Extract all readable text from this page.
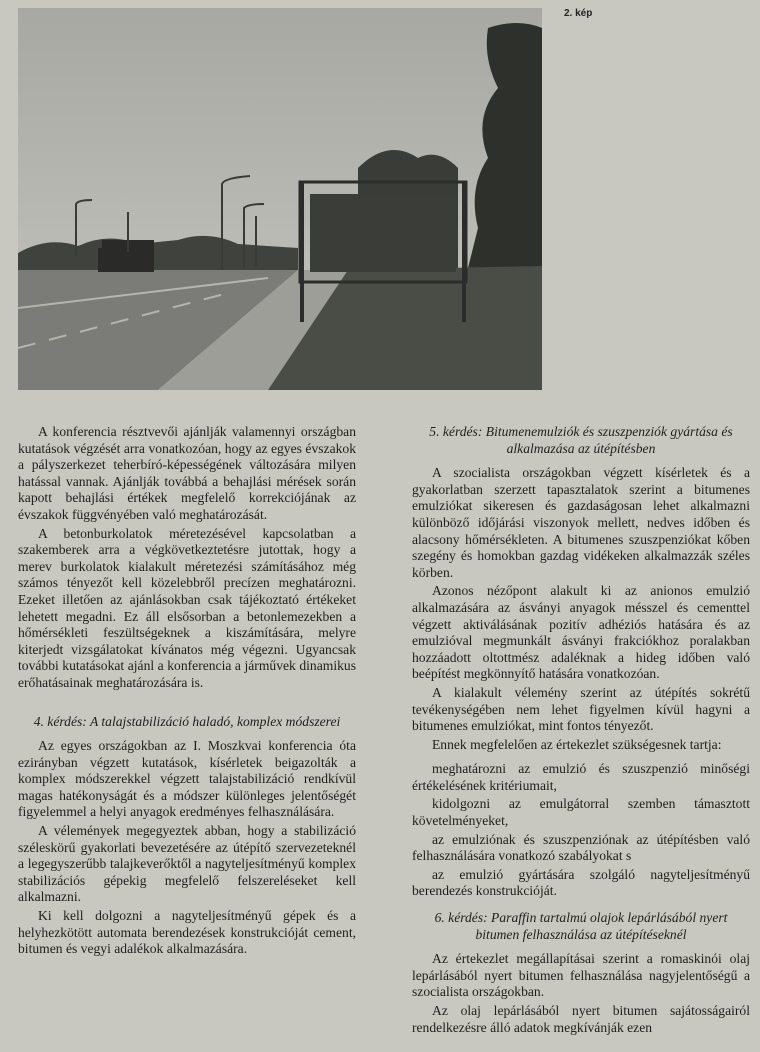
2. kép

A konferencia résztvevői ajánlják valamennyi országban kutatások végzését arra vonatkozóan, hogy az egyes évszakok a pályszerkezet teherbíró-képességének változására milyen hatással vannak. Ajánlják továbbá a behajlási mérések során kapott behajlási értékek megfelelő korrekciójának az évszakok függvényében való meghatározását.

A betonburkolatok méretezésével kapcsolatban a szakemberek arra a végkövetkeztetésre jutottak, hogy a merev burkolatok kialakult méretezési számításához még számos tényezőt kell közelebbről precízen meghatározni. Ezeket illetően az ajánlásokban csak tájékoztató értékeket lehetett megadni. Ez áll elsősorban a betonlemezekben a hőmérsékleti feszültségeknek a kiszámítására, melyre kiterjedt vizsgálatokat kívánatos még végezni. Ugyancsak további kutatásokat ajánl a konferencia a járművek dinamikus erőhatásainak meghatározására is.

4. kérdés: A talajstabilizáció haladó, komplex módszerei

Az egyes országokban az I. Moszkvai konferencia óta ezirányban végzett kutatások, kísérletek beigazolták a komplex módszerekkel végzett talajstabilizáció rendkívül magas hatékonyságát és a módszer különleges jelentőségét figyelemmel a helyi anyagok eredményes felhasználására.

A vélemények megegyeztek abban, hogy a stabilizáció széleskörű gyakorlati bevezetésére az útépítő szervezeteknél a legegyszerűbb talajkeverőktől a nagyteljesítményű komplex stabilizációs gépekig megfelelő felszereléseket kell alkalmazni.

Ki kell dolgozni a nagyteljesítményű gépek és a helyhezkötött automata berendezések konstrukcióját cement, bitumen és vegyi adalékok alkalmazására.

5. kérdés: Bitumenemulziók és szuszpenziók gyártása és alkalmazása az útépítésben

A szocialista országokban végzett kísérletek és a gyakorlatban szerzett tapasztalatok szerint a bitumenes emulziókat sikeresen és gazdaságosan lehet alkalmazni különböző időjárási viszonyok mellett, nedves időben és alacsony hőmérsékleten. A bitumenes szuszpenziókat kőben szegény és homokban gazdag vidékeken alkalmazzák széles körben.

Azonos nézőpont alakult ki az anionos emulzió alkalmazására az ásványi anyagok mésszel és cementtel végzett aktiválásának pozitív adhéziós hatására és az emulzióval megmunkált ásványi frakciókhoz poralakban hozzáadott oltottmész adaléknak a hideg időben való beépítést megkönnyítő hatására vonatkozóan.

A kialakult vélemény szerint az útépítés sokrétű tevékenységében nem lehet figyelmen kívül hagyni a bitumenes emulziókat, mint fontos tényezőt.

Ennek megfelelően az értekezlet szükségesnek tartja:

meghatározni az emulzió és szuszpenzió minőségi értékelésének kritériumait,

kidolgozni az emulgátorral szemben támasztott követelményeket,

az emulziónak és szuszpenziónak az útépítésben való felhasználására vonatkozó szabályokat s

az emulzió gyártására szolgáló nagyteljesítményű berendezés konstrukcióját.

6. kérdés: Paraffin tartalmú olajok lepárlásából nyert bitumen felhasználása az útépítéseknél

Az értekezlet megállapításai szerint a romaskinói olaj lepárlásából nyert bitumen felhasználása nagyjelentőségű a szocialista országokban.

Az olaj lepárlásából nyert bitumen sajátosságairól rendelkezésre álló adatok megkívánják ezen
